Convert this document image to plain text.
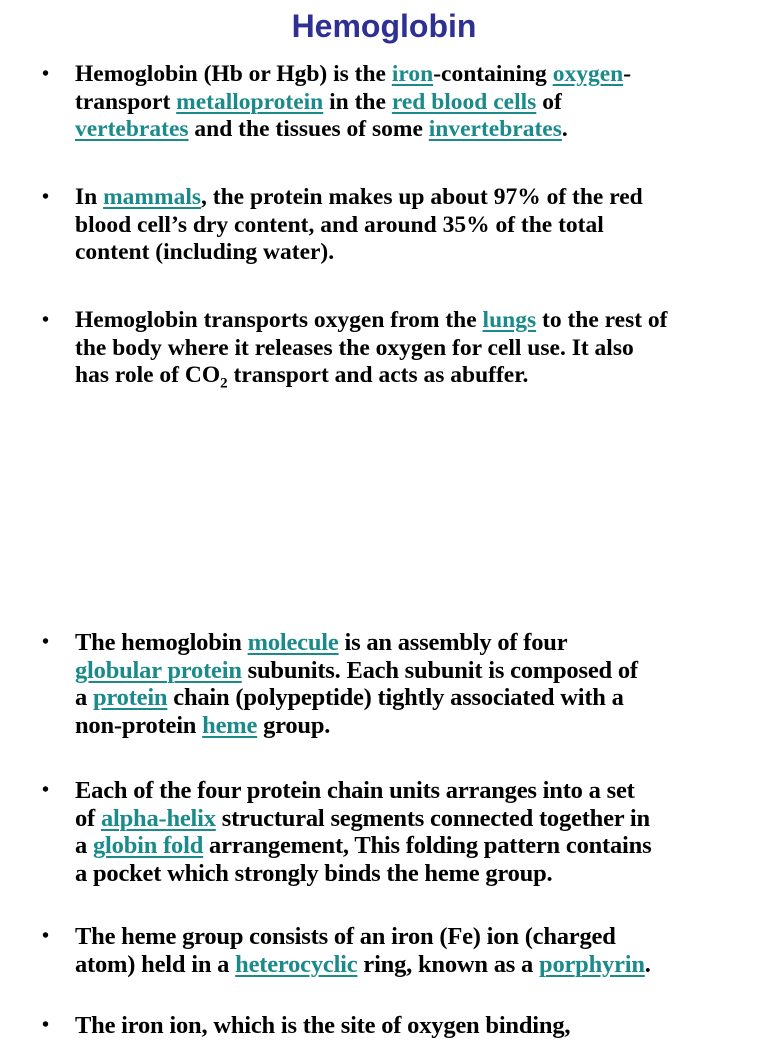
Hemoglobin
•	Hemoglobin (Hb or Hgb) is the iron-containing oxygen-
transport metalloprotein in the red blood cells of
vertebrates and the tissues of some invertebrates.
•	In mammals, the protein makes up about 97% of the red
blood cell’s dry content, and around 35% of the total
content (including water).
•	Hemoglobin transports oxygen from the lungs to the rest of
the body where it releases the oxygen for cell use. It also
has role of $CO_2$ transport and acts as abuffer.
•	The hemoglobin molecule is an assembly of four
globular protein subunits. Each subunit is composed of
a protein chain (polypeptide) tightly associated with a
non-protein heme group.
•	Each of the four protein chain units arranges into a set
of alpha-helix structural segments connected together in
a globin fold arrangement, This folding pattern contains
a pocket which strongly binds the heme group.
•	The heme group consists of an iron (Fe) ion (charged
atom) held in a heterocyclic ring, known as a porphyrin.
•	The iron ion, which is the site of oxygen binding,
